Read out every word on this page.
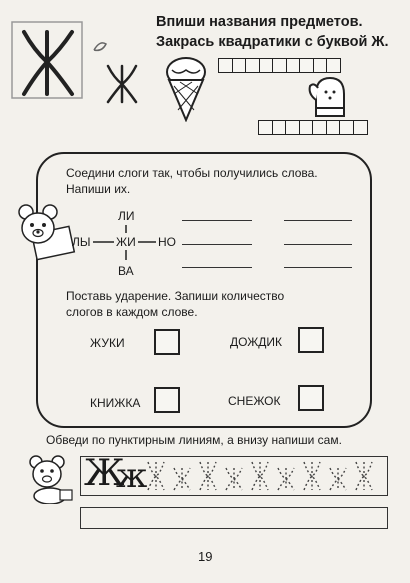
Впиши названия предметов.
Закрась квадратики с буквой Ж.
Соедини слоги так, чтобы получились слова.
Напиши их.
ЛИ
ЛЫ ЖИ НО
ВА
Поставь ударение. Запиши количество
слогов в каждом слове.
ЖУКИ	ДОЖДИК
КНИЖКА	СНЕЖОК
Обведи по пунктирным линиям, а внизу напиши сам.
Ж
ж
19
